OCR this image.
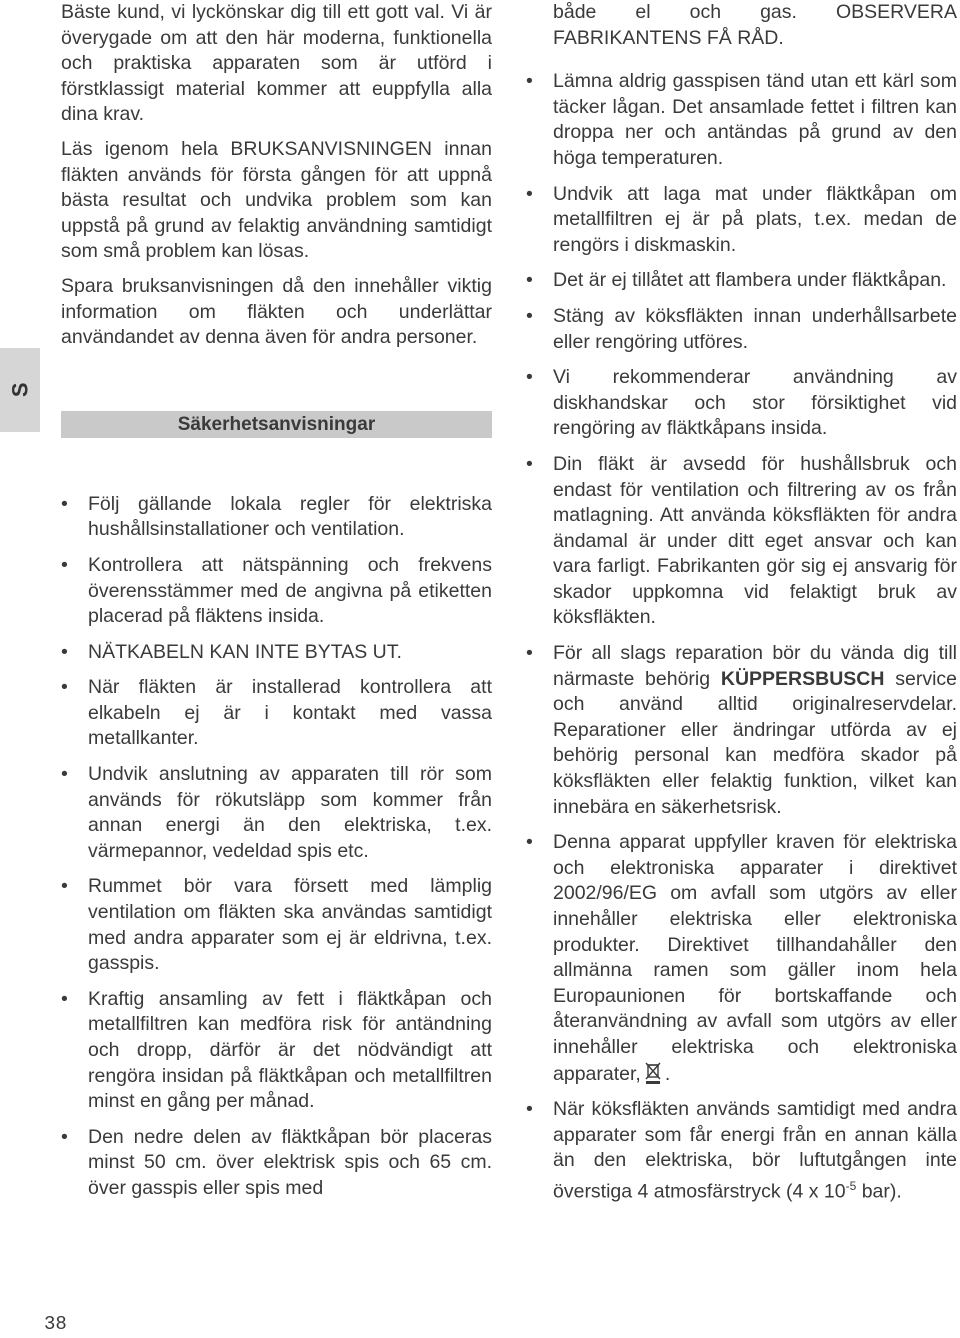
S

Bäste kund, vi lyckönskar dig till ett gott val. Vi är överygade om att den här moderna, funktionella och praktiska apparaten som är utförd i förstklassigt material kommer att euppfylla alla dina krav.

Läs igenom hela BRUKSANVISNINGEN innan fläkten används för första gången för att uppnå bästa resultat och undvika problem som kan uppstå på grund av felaktig användning samtidigt som små problem kan lösas.

Spara bruksanvisningen då den innehåller viktig information om fläkten och underlättar användandet av denna även för andra personer.

Säkerhetsanvisningar
• Följ gällande lokala regler för elektriska hushållsinstallationer och ventilation.
• Kontrollera att nätspänning och frekvens överensstämmer med de angivna på etiketten placerad på fläktens insida.
• NÄTKABELN KAN INTE BYTAS UT.
• När fläkten är installerad kontrollera att elkabeln ej är i kontakt med vassa metallkanter.
• Undvik anslutning av apparaten till rör som används för rökutsläpp som kommer från annan energi än den elektriska, t.ex. värmepannor, vedeldad spis etc.
• Rummet bör vara försett med lämplig ventilation om fläkten ska användas samtidigt med andra apparater som ej är eldrivna, t.ex. gasspis.
• Kraftig ansamling av fett i fläktkåpan och metallfiltren kan medföra risk för antändning och dropp, därför är det nödvändigt att rengöra insidan på fläktkåpan och metallfiltren minst en gång per månad.
• Den nedre delen av fläktkåpan bör placeras minst 50 cm. över elektrisk spis och 65 cm. över gasspis eller spis med
både el och gas. OBSERVERA FABRIKANTENS FÅ RÅD.
• Lämna aldrig gasspisen tänd utan ett kärl som täcker lågan. Det ansamlade fettet i filtren kan droppa ner och antändas på grund av den höga temperaturen.
• Undvik att laga mat under fläktkåpan om metallfiltren ej är på plats, t.ex. medan de rengörs i diskmaskin.
• Det är ej tillåtet att flambera under fläktkåpan.
• Stäng av köksfläkten innan underhållsarbete eller rengöring utföres.
• Vi rekommenderar användning av diskhandskar och stor försiktighet vid rengöring av fläktkåpans insida.
• Din fläkt är avsedd för hushållsbruk och endast för ventilation och filtrering av os från matlagning. Att använda köksfläkten för andra ändamal är under ditt eget ansvar och kan vara farligt. Fabrikanten gör sig ej ansvarig för skador uppkomna vid felaktigt bruk av köksfläkten.
• För all slags reparation bör du vända dig till närmaste behörig KÜPPERSBUSCH service och använd alltid originalreservdelar. Reparationer eller ändringar utförda av ej behörig personal kan medföra skador på köksfläkten eller felaktig funktion, vilket kan innebära en säkerhetsrisk.
• Denna apparat uppfyller kraven för elektriska och elektroniska apparater i direktivet 2002/96/EG om avfall som utgörs av eller innehåller elektriska eller elektroniska produkter. Direktivet tillhandahåller den allmänna ramen som gäller inom hela Europaunionen för bortskaffande och återanvändning av avfall som utgörs av eller innehåller elektriska och elektroniska apparater, .
• När köksfläkten används samtidigt med andra apparater som får energi från en annan källa än den elektriska, bör luftutgången inte överstiga 4 atmosfärstryck (4 x $10^{-5}$ bar).
38
